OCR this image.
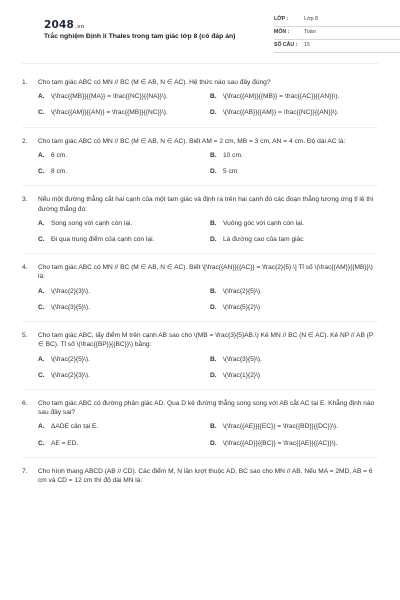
2048.vn
Trắc nghiệm Định lí Thales trong tam giác lớp 8 (có đáp án)
LỚP :	Lớp 8
MÔN :	Toán
SỐ CÂU :	15
1.	Cho tam giác ABC có MN // BC (M ∈ AB, N ∈ AC). Hệ thức nào sau đây đúng?
A. \(\frac{{MB}}{{MA}} = \frac{{NC}}{{NA}}\).	B. \(\frac{{AM}}{{MB}} = \frac{{AC}}{{AN}}\).
C. \(\frac{{AM}}{{AN}} = \frac{{MB}}{{NC}}\).	D. \(\frac{{AB}}{{AM}} = \frac{{NC}}{{AN}}\).
2.	Cho tam giác ABC có MN // BC (M ∈ AB, N ∈ AC). Biết AM = 2 cm, MB = 3 cm, AN = 4 cm. Độ dài AC là:
A. 6 cm.	B. 10 cm.
C. 8 cm.	D. 5 cm
3.	Nếu một đường thẳng cắt hai cạnh của một tam giác và định ra trên hai cạnh đó các đoạn thẳng tương ứng tỉ lệ thì đường thẳng đó:
A. Song song với cạnh còn lại.	B. Vuông góc với cạnh còn lại.
C. Đi qua trung điểm của cạnh còn lại.	D. Là đường cao của tam giác
4.	Cho tam giác ABC có MN // BC (M ∈ AB, N ∈ AC). Biết \[\frac{{AN}}{{AC}} = \frac{2}{5}.\] Tỉ số \(\frac{{AM}}{{MB}}\) là:
A. \(\frac{2}{3}\).	B. \(\frac{2}{5}\).
C. \(\frac{3}{5}\).	D. \(\frac{5}{2}\)
5.	Cho tam giác ABC, lấy điểm M trên cạnh AB sao cho \(MB = \frac{3}{5}AB.\) Kẻ MN // BC (N ∈ AC). Kẻ NP // AB (P ∈ BC). Tỉ số \(\frac{{BP}}{{BC}}\) bằng:
A. \(\frac{2}{5}\).	B. \(\frac{3}{5}\).
C. \(\frac{2}{3}\).	D. \(\frac{1}{2}\)
6.	Cho tam giác ABC có đường phân giác AD. Qua D kẻ đường thẳng song song với AB cắt AC tại E. Khẳng định nào sau đây sai?
A. ΔADE cân tại E.	B. \(\frac{{AE}}{{EC}} = \frac{{BD}}{{DC}}\).
C. AE = ED.	D. \(\frac{{AD}}{{BC}} = \frac{{AE}}{{AC}}\).
7.	Cho hình thang ABCD (AB // CD). Các điểm M, N lần lượt thuộc AD, BC sao cho MN // AB. Nếu MA = 2MD, AB = 6 cm và CD = 12 cm thì độ dài MN là:
